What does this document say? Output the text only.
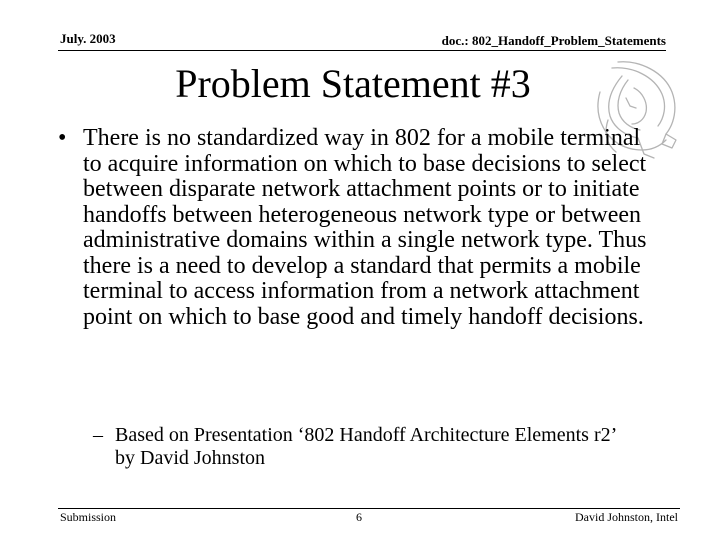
July. 2003	doc.: 802_Handoff_Problem_Statements
Problem Statement #3
• There is no standardized way in 802 for a mobile terminal to acquire information on which to base decisions to select between disparate network attachment points or to initiate handoffs between heterogeneous network type or between administrative domains within a single network type. Thus there is a need to develop a standard that permits a mobile terminal to access information from a network attachment point on which to base good and timely handoff decisions.
– Based on Presentation ‘802 Handoff Architecture Elements r2’ by David Johnston
Submission	6	David Johnston, Intel
